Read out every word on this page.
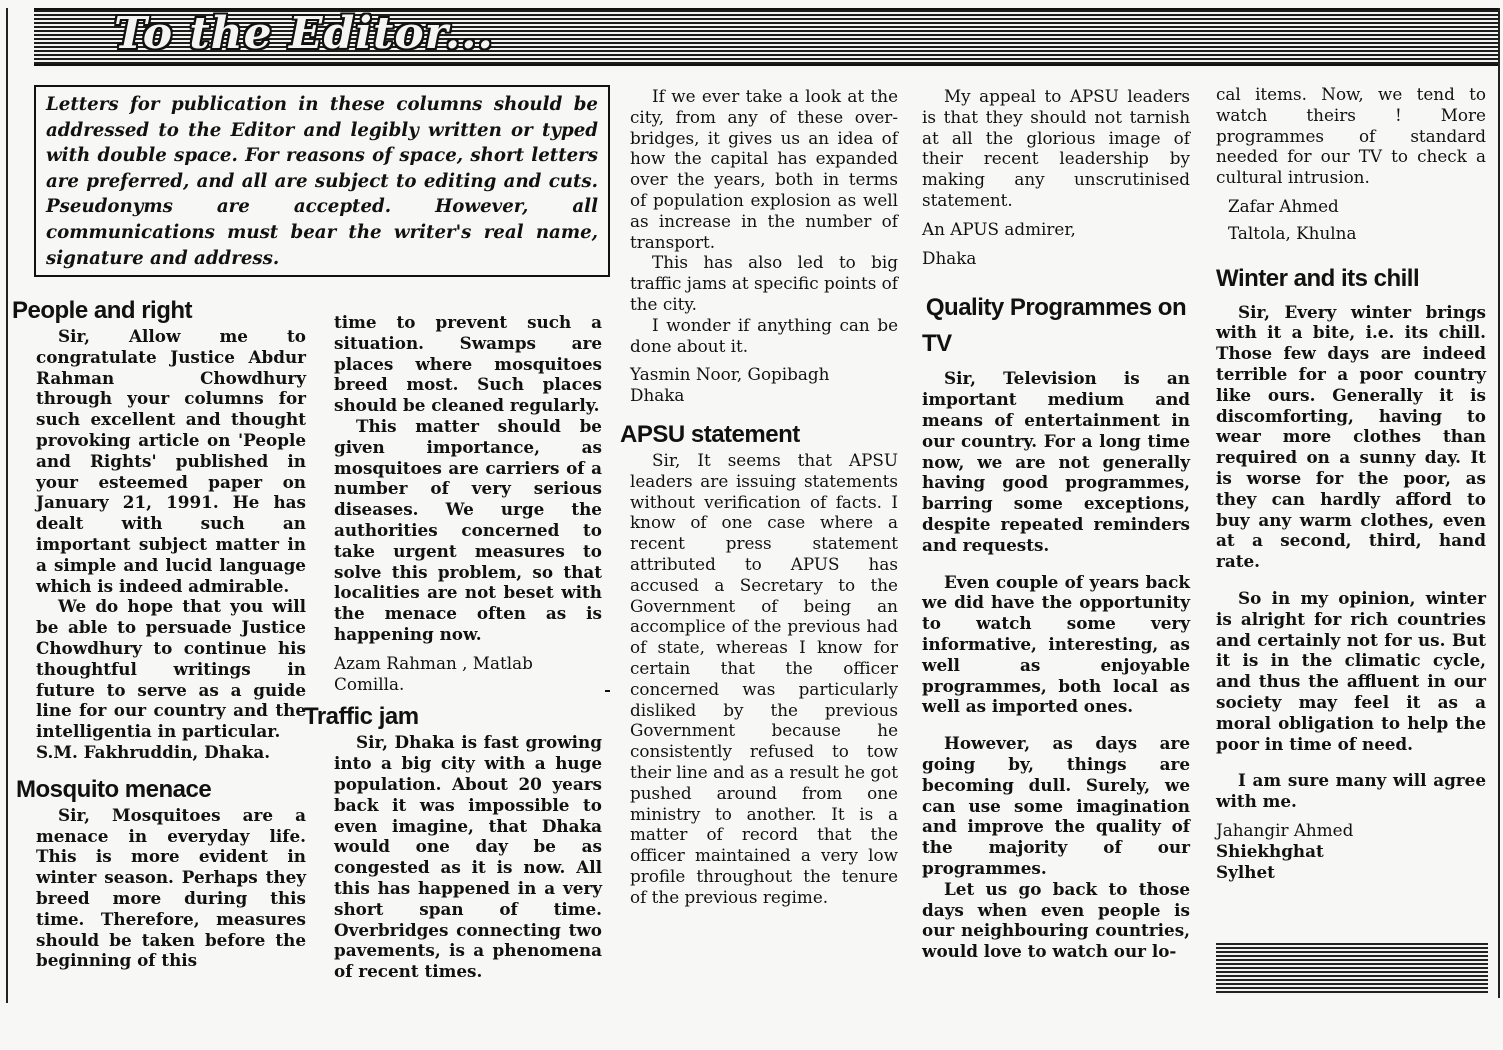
To the Editor...
Letters for publication in these columns should be addressed to the Editor and legibly written or typed with double space. For reasons of space, short letters are preferred, and all are subject to editing and cuts. Pseudonyms are accepted. However, all communications must bear the writer's real name, signature and address.
People and right

Sir, Allow me to congratulate Justice Abdur Rahman Chowdhury through your columns for such excellent and thought provoking article on 'People and Rights' published in your esteemed paper on January 21, 1991. He has dealt with such an important subject matter in a simple and lucid language which is indeed admirable.

We do hope that you will be able to persuade Justice Chowdhury to continue his thoughtful writings in future to serve as a guide line for our country and the intelligentia in particular.

S.M. Fakhruddin, Dhaka.

Mosquito menace

Sir, Mosquitoes are a menace in everyday life. This is more evident in winter season. Perhaps they breed more during this time. Therefore, measures should be taken before the beginning of this

time to prevent such a situation. Swamps are places where mosquitoes breed most. Such places should be cleaned regularly.

This matter should be given importance, as mosquitoes are carriers of a number of very serious diseases. We urge the authorities concerned to take urgent measures to solve this problem, so that localities are not beset with the menace often as is happening now.

Azam Rahman , Matlab

Comilla.

Traffic jam

Sir, Dhaka is fast growing into a big city with a huge population. About 20 years back it was impossible to even imagine, that Dhaka would one day be as congested as it is now. All this has happened in a very short span of time. Overbridges connecting two pavements, is a phenomena of recent times.

If we ever take a look at the city, from any of these over-bridges, it gives us an idea of how the capital has expanded over the years, both in terms of population explosion as well as increase in the number of transport.

This has also led to big traffic jams at specific points of the city.

I wonder if anything can be done about it.

Yasmin Noor, Gopibagh

Dhaka

APSU statement

Sir, It seems that APSU leaders are issuing statements without verification of facts. I know of one case where a recent press statement attributed to APUS has accused a Secretary to the Government of being an accomplice of the previous had of state, whereas I know for certain that the officer concerned was particularly disliked by the previous Government because he consistently refused to tow their line and as a result he got pushed around from one ministry to another. It is a matter of record that the officer maintained a very low profile throughout the tenure of the previous regime.

My appeal to APSU leaders is that they should not tarnish at all the glorious image of their recent leadership by making any unscrutinised statement.

An APUS admirer,

Dhaka

Quality Programmes on TV

Sir, Television is an important medium and means of entertainment in our country. For a long time now, we are not generally having good programmes, barring some exceptions, despite repeated reminders and requests.

Even couple of years back we did have the opportunity to watch some very informative, interesting, as well as enjoyable programmes, both local as well as imported ones.

However, as days are going by, things are becoming dull. Surely, we can use some imagination and improve the quality of the majority of our programmes.

Let us go back to those days when even people is our neighbouring countries, would love to watch our lo-

cal items. Now, we tend to watch theirs ! More programmes of standard needed for our TV to check a cultural intrusion.

Zafar Ahmed

Taltola, Khulna

Winter and its chill

Sir, Every winter brings with it a bite, i.e. its chill. Those few days are indeed terrible for a poor country like ours. Generally it is discomforting, having to wear more clothes than required on a sunny day. It is worse for the poor, as they can hardly afford to buy any warm clothes, even at a second, third, hand rate.

So in my opinion, winter is alright for rich countries and certainly not for us. But it is in the climatic cycle, and thus the affluent in our society may feel it as a moral obligation to help the poor in time of need.

I am sure many will agree with me.

Jahangir Ahmed

Shiekhghat

Sylhet
